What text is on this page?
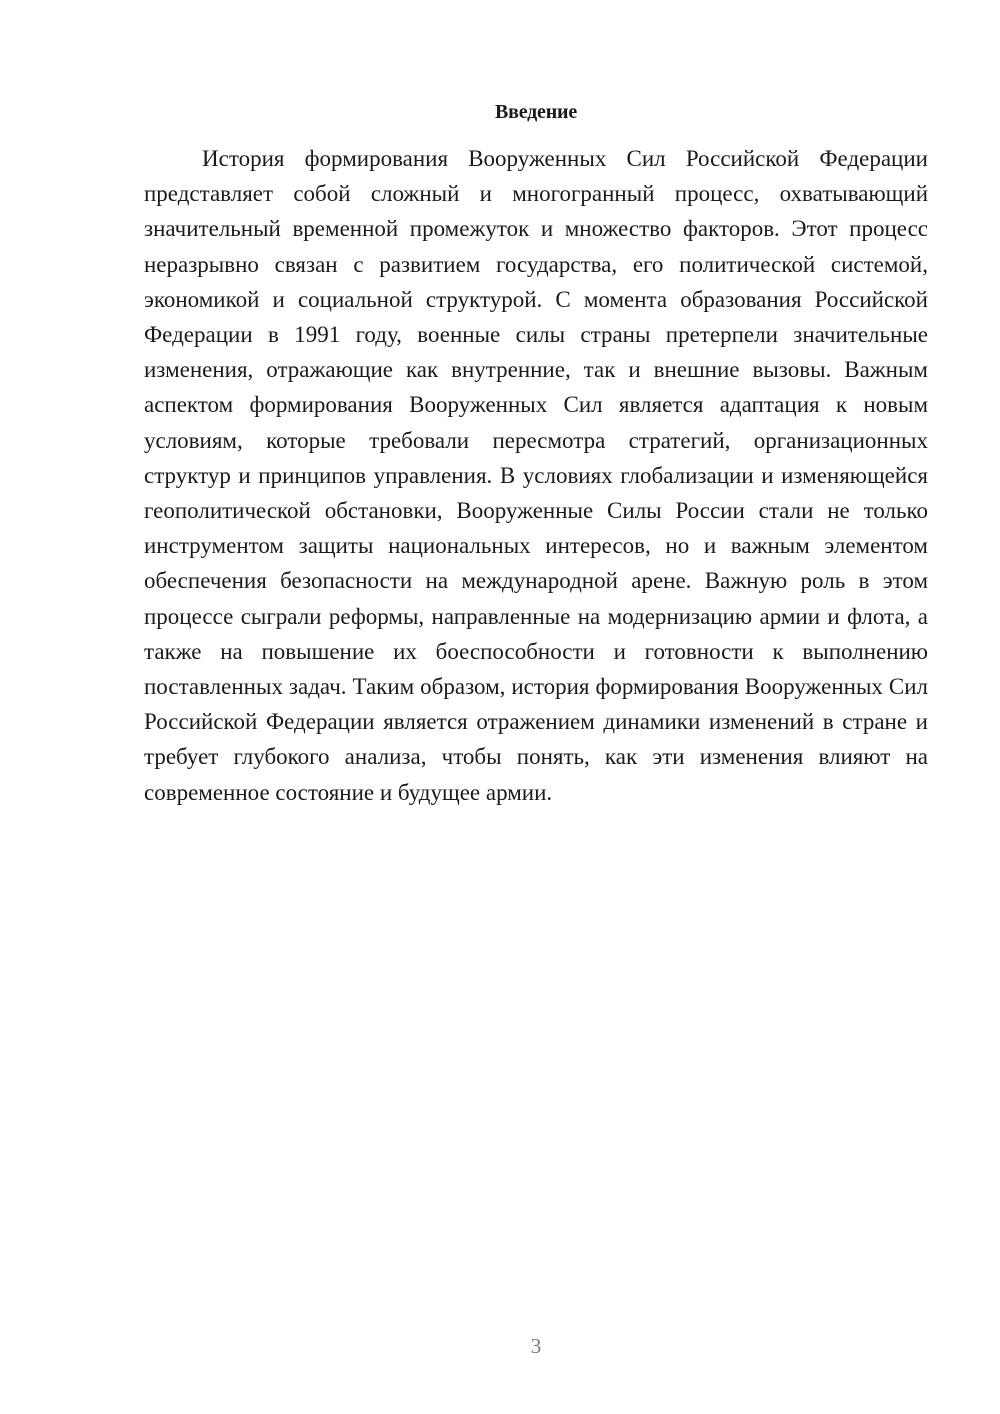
Введение

История формирования Вооруженных Сил Российской Федерации представляет собой сложный и многогранный процесс, охватывающий значительный временной промежуток и множество факторов. Этот процесс неразрывно связан с развитием государства, его политической системой, экономикой и социальной структурой. С момента образования Российской Федерации в 1991 году, военные силы страны претерпели значительные изменения, отражающие как внутренние, так и внешние вызовы. Важным аспектом формирования Вооруженных Сил является адаптация к новым условиям, которые требовали пересмотра стратегий, организационных структур и принципов управления. В условиях глобализации и изменяющейся геополитической обстановки, Вооруженные Силы России стали не только инструментом защиты национальных интересов, но и важным элементом обеспечения безопасности на международной арене. Важную роль в этом процессе сыграли реформы, направленные на модернизацию армии и флота, а также на повышение их боеспособности и готовности к выполнению поставленных задач. Таким образом, история формирования Вооруженных Сил Российской Федерации является отражением динамики изменений в стране и требует глубокого анализа, чтобы понять, как эти изменения влияют на современное состояние и будущее армии.

3
